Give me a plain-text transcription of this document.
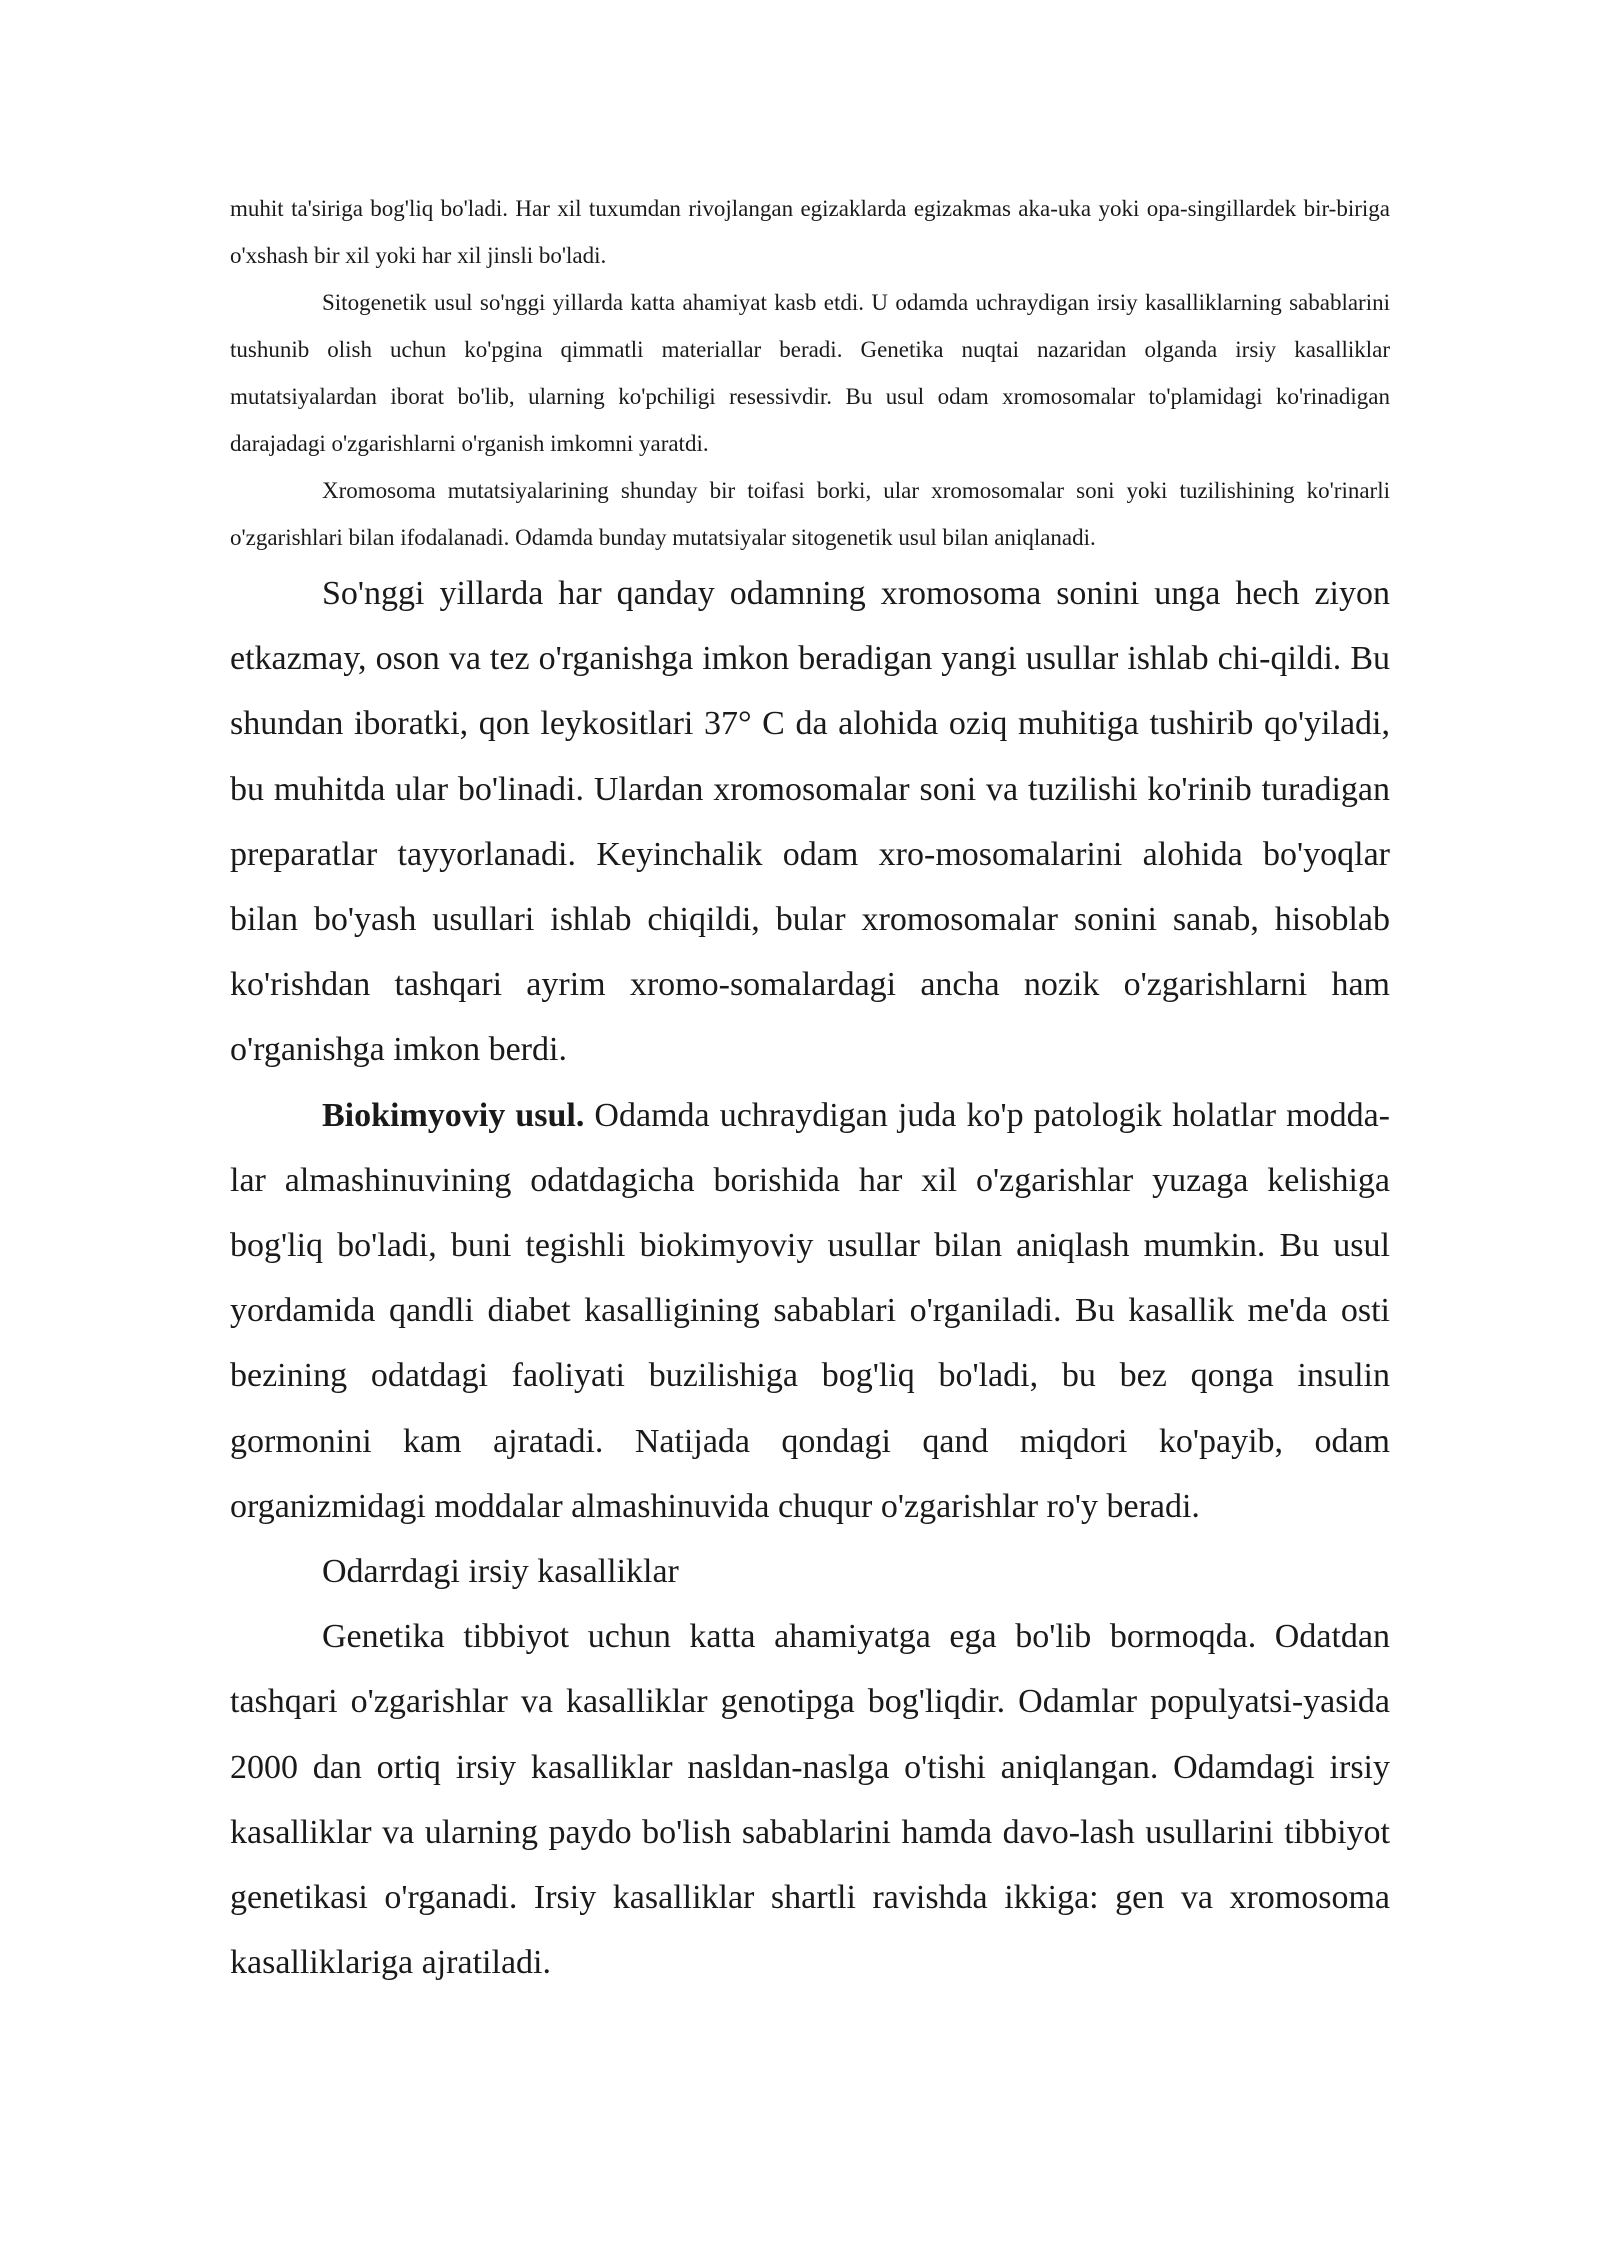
muhit ta'siriga bog'liq bo'ladi. Har xil tuxumdan rivojlangan egizaklarda egizakmas aka-uka yoki opa-singillardek bir-biriga o'xshash bir xil yoki har xil jinsli bo'ladi.

Sitogenetik usul so'nggi yillarda katta ahamiyat kasb etdi. U odamda uchraydigan irsiy kasalliklarning sabablarini tushunib olish uchun ko'pgina qimmatli materiallar beradi. Genetika nuqtai nazaridan olganda irsiy kasalliklar mutatsiyalardan iborat bo'lib, ularning ko'pchiligi resessivdir. Bu usul odam xromosomalar to'plamidagi ko'rinadigan darajadagi o'zgarishlarni o'rganish imkomni yaratdi.

Xromosoma mutatsiyalarining shunday bir toifasi borki, ular xromosomalar soni yoki tuzilishining ko'rinarli o'zgarishlari bilan ifodalanadi. Odamda bunday mutatsiyalar sitogenetik usul bilan aniqlanadi.

So'nggi yillarda har qanday odamning xromosoma sonini unga hech ziyon etkazmay, oson va tez o'rganishga imkon beradigan yangi usullar ishlab chi-qildi. Bu shundan iboratki, qon leykositlari 37° C da alohida oziq muhitiga tushirib qo'yiladi, bu muhitda ular bo'linadi. Ulardan xromosomalar soni va tuzilishi ko'rinib turadigan preparatlar tayyorlanadi. Keyinchalik odam xro-mosomalarini alohida bo'yoqlar bilan bo'yash usullari ishlab chiqildi, bular xromosomalar sonini sanab, hisoblab ko'rishdan tashqari ayrim xromo-somalardagi ancha nozik o'zgarishlarni ham o'rganishga imkon berdi.

Biokimyoviy usul. Odamda uchraydigan juda ko'p patologik holatlar modda-lar almashinuvining odatdagicha borishida har xil o'zgarishlar yuzaga kelishiga bog'liq bo'ladi, buni tegishli biokimyoviy usullar bilan aniqlash mumkin. Bu usul yordamida qandli diabet kasalligining sabablari o'rganiladi. Bu kasallik me'da osti bezining odatdagi faoliyati buzilishiga bog'liq bo'ladi, bu bez qonga insulin gormonini kam ajratadi. Natijada qondagi qand miqdori ko'payib, odam organizmidagi moddalar almashinuvida chuqur o'zgarishlar ro'y beradi.

Odarrdagi irsiy kasalliklar

Genetika tibbiyot uchun katta ahamiyatga ega bo'lib bormoqda. Odatdan tashqari o'zgarishlar va kasalliklar genotipga bog'liqdir. Odamlar populyatsi-yasida 2000 dan ortiq irsiy kasalliklar nasldan-naslga o'tishi aniqlangan. Odamdagi irsiy kasalliklar va ularning paydo bo'lish sabablarini hamda davo-lash usullarini tibbiyot genetikasi o'rganadi. Irsiy kasalliklar shartli ravishda ikkiga: gen va xromosoma kasalliklariga ajratiladi.
